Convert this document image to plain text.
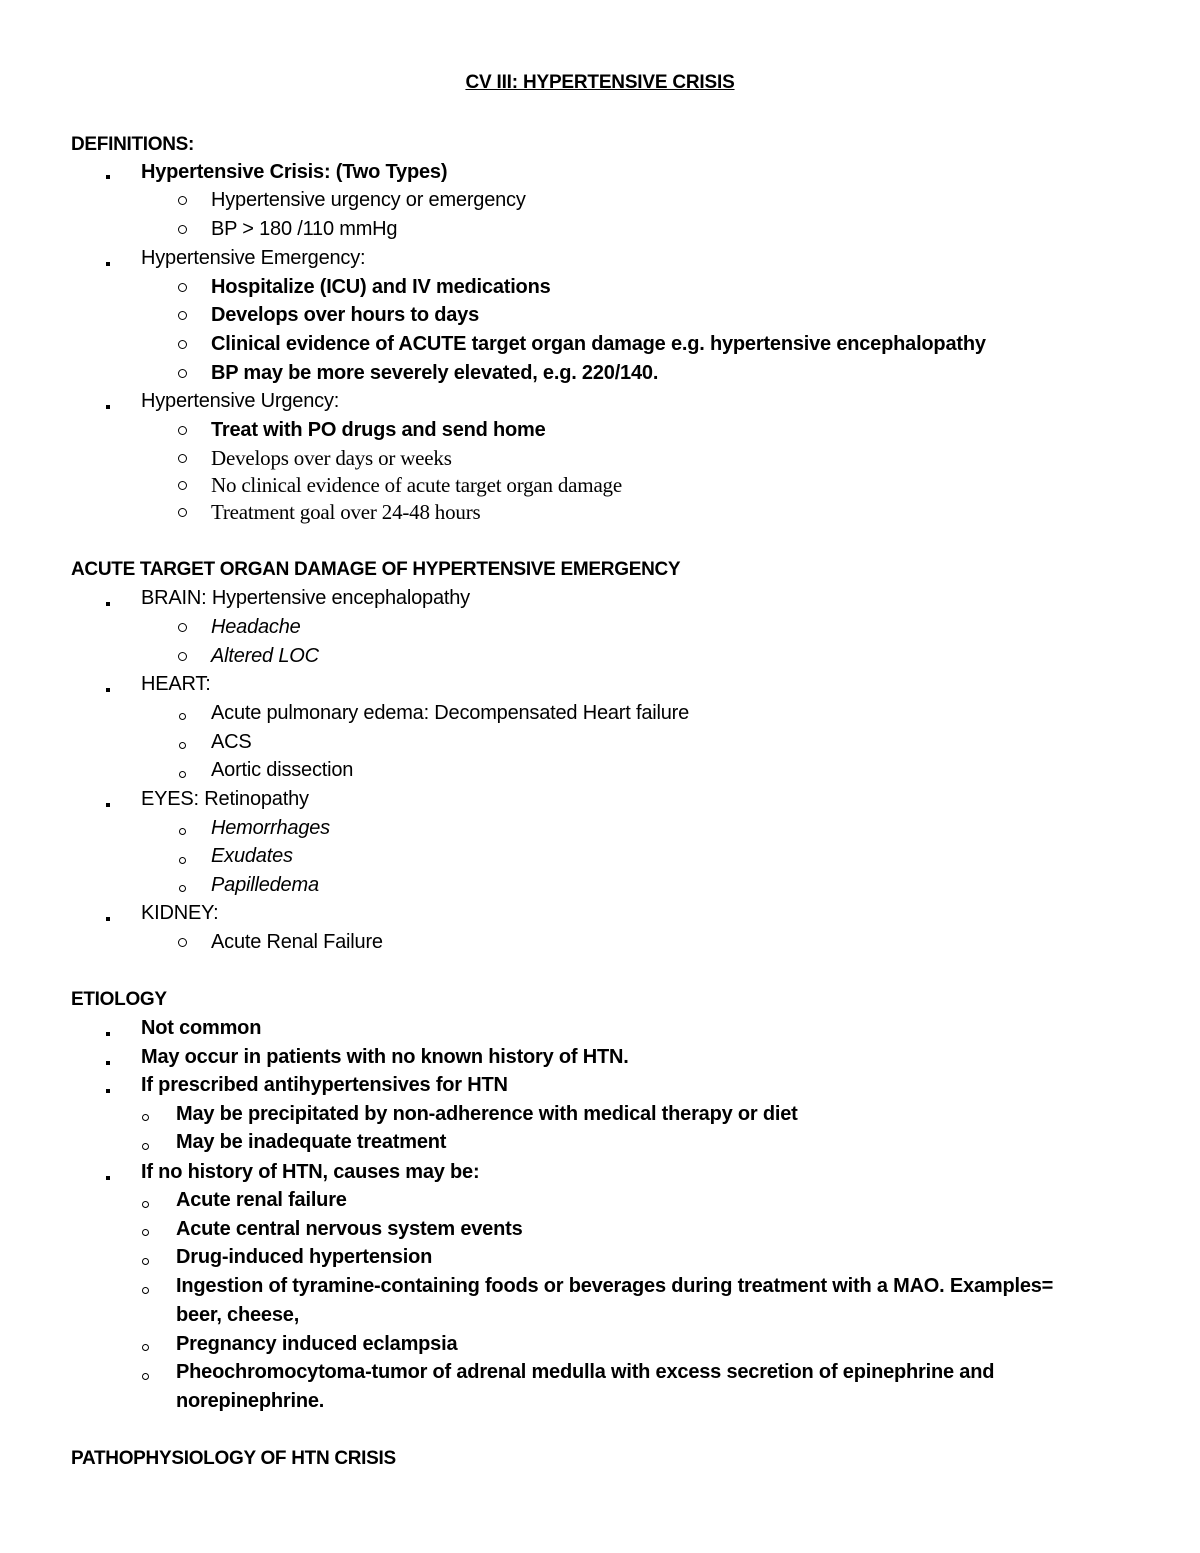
CV III: HYPERTENSIVE CRISIS
DEFINITIONS:
Hypertensive Crisis: (Two Types)
Hypertensive urgency or emergency
BP > 180 /110 mmHg
Hypertensive Emergency:
Hospitalize (ICU) and IV medications
Develops over hours to days
Clinical evidence of ACUTE target organ damage e.g. hypertensive encephalopathy
BP may be more severely elevated, e.g. 220/140.
Hypertensive Urgency:
Treat with PO drugs and send home
Develops over days or weeks
No clinical evidence of acute target organ damage
Treatment goal over 24-48 hours
ACUTE TARGET ORGAN DAMAGE OF HYPERTENSIVE EMERGENCY
BRAIN: Hypertensive encephalopathy
Headache
Altered LOC
HEART:
Acute pulmonary edema: Decompensated Heart failure
ACS
Aortic dissection
EYES: Retinopathy
Hemorrhages
Exudates
Papilledema
KIDNEY:
Acute Renal Failure
ETIOLOGY
Not common
May occur in patients with no known history of HTN.
If prescribed antihypertensives for HTN
May be precipitated by non-adherence with medical therapy or diet
May be inadequate treatment
If no history of HTN, causes may be:
Acute renal failure
Acute central nervous system events
Drug-induced hypertension
Ingestion of tyramine-containing foods or beverages during treatment with a MAO. Examples= beer, cheese,
Pregnancy induced eclampsia
Pheochromocytoma-tumor of adrenal medulla with excess secretion of epinephrine and norepinephrine.
PATHOPHYSIOLOGY OF HTN CRISIS
